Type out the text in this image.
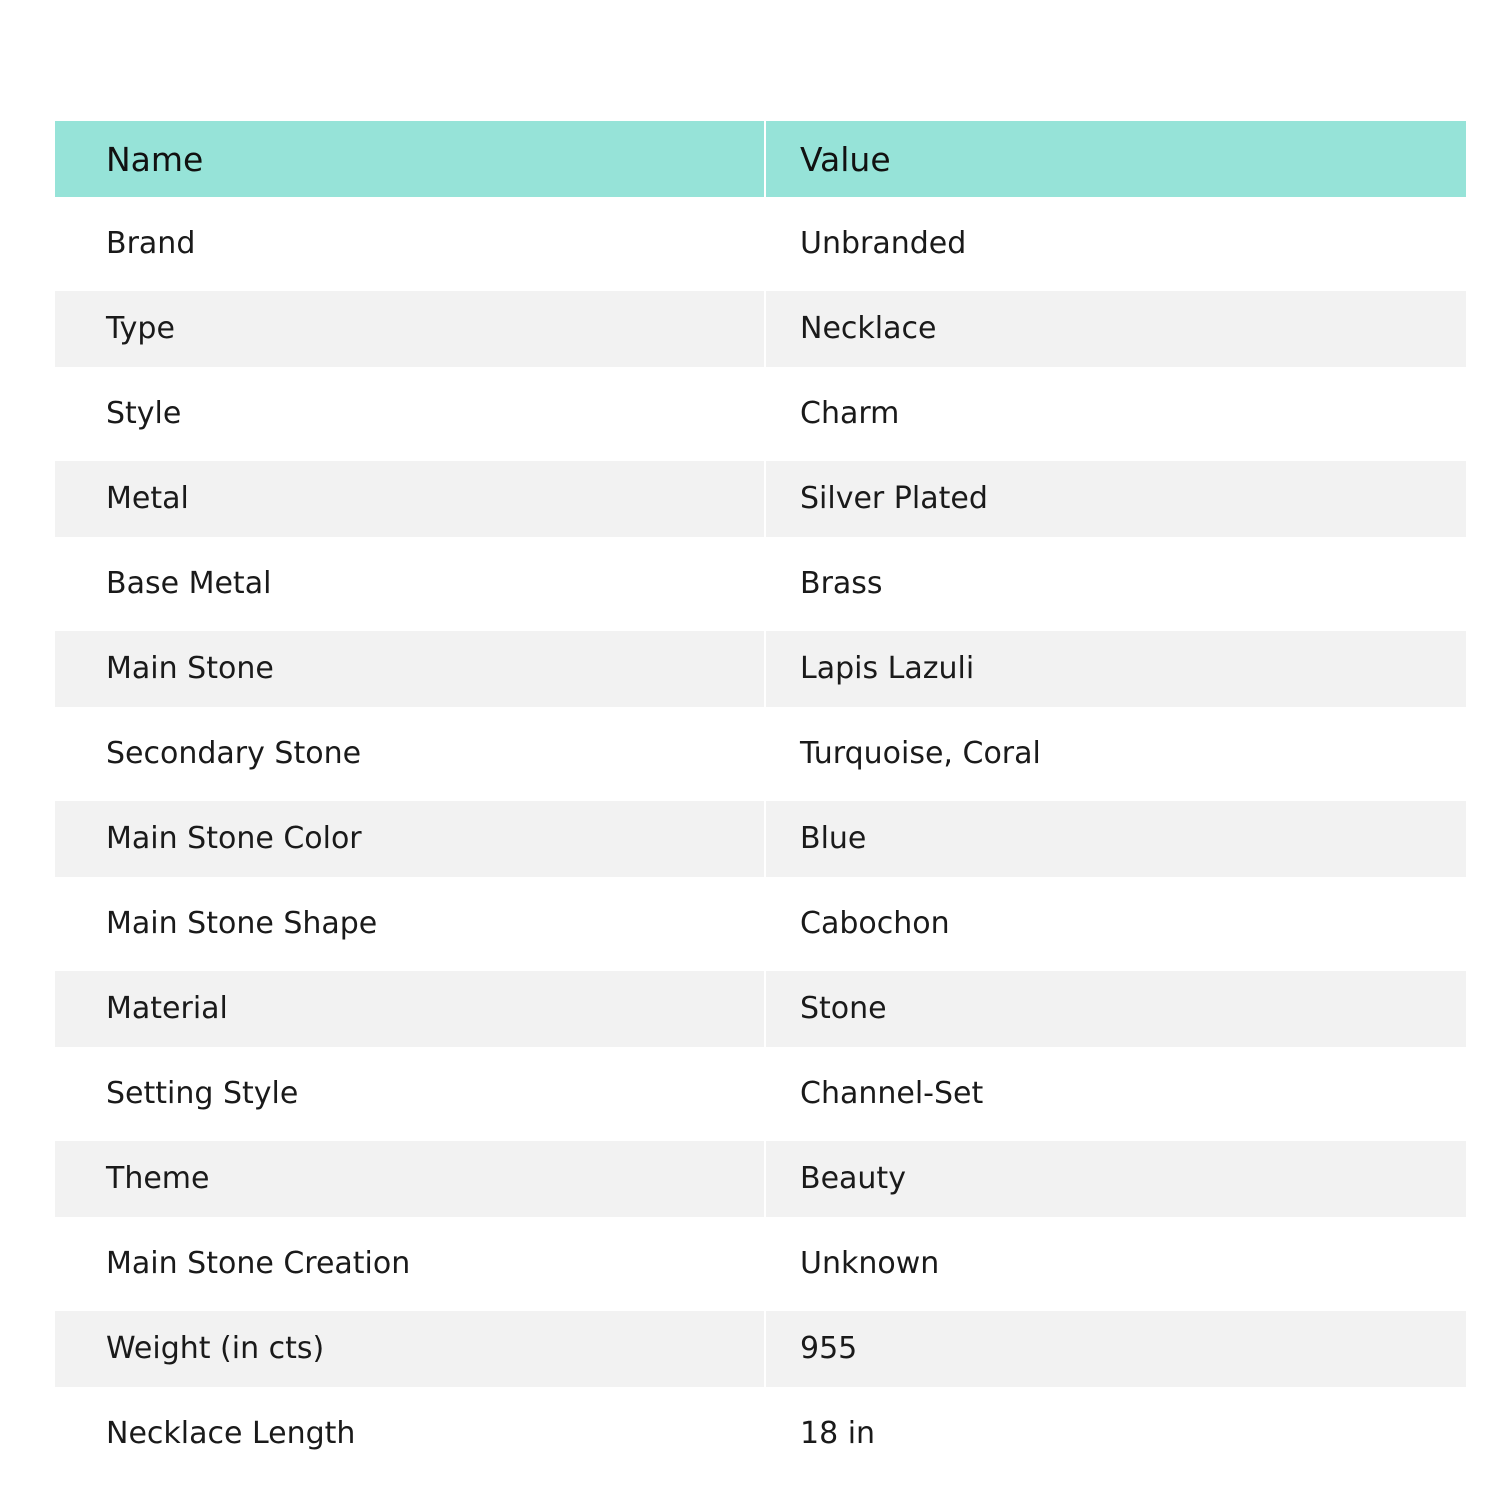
Name	Value
Brand	Unbranded
Type	Necklace
Style	Charm
Metal	Silver Plated
Base Metal	Brass
Main Stone	Lapis Lazuli
Secondary Stone	Turquoise, Coral
Main Stone Color	Blue
Main Stone Shape	Cabochon
Material	Stone
Setting Style	Channel-Set
Theme	Beauty
Main Stone Creation	Unknown
Weight (in cts)	955
Necklace Length	18 in
